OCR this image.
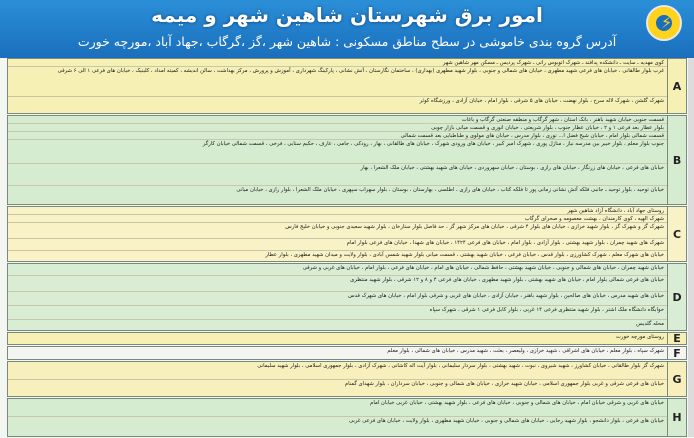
⚡
امور برق شهرستان شاهین شهر و میمه
آدرس گروه بندی خاموشی در سطح مناطق مسکونی : شاهین شهر ،گز ،گرگاب ،جهاد آباد ،مورچه خورت
A
کوی مهدیه ـ سایت ـ دانشکده پدافند ـ شهرک اتوبوس رانی ـ شهرک پردیس ـ مسکن مهر شاهین شهر
غرب بلوار طالقانی ، خیابان های فرعی شهید مطهری ، خیابان های شمالی و جنوبی ، بلوار شهید مطهری (بهداری) ، ساختمان نگارستان ، آتش نشانی ، پارکینگ شهرداری ، آموزش و پرورش ، مرکز بهداشت ، سالن اندیشه ، کمیته امداد ، کلینیک ، خیابان های فرعی ۱ الی ۶ شرقی
شهرک گلشن ، شهرک لاله سرخ ، بلوار نهضت ، خیابان های ۵ شرقی ، بلوار امام ، خیابان آزادی ، ورزشگاه کوثر
B
قسمت جنوبی خیابان شهید باهنر ، بانک استان ، شهر گرگاب و منطقه صنعتی گرگاب و باغات
بلوار عطار بعد فرعی ۱ و ۲ ، خیابان عطار جنوب ، بلوار شریعتی ، خیابان انوری و قسمت میانی بازار چوبی
قسمت شمالی بلوار امام ، خیابان شیخ فضل ا... نوری ، بلوار مدرس ، خیابان های مولوی و طباطبایی بعد قسمت شمالی
جنوب بلوار معلم ، بلوار خیبر بین مدرسه نیاز ، منازل پوری ، شهرک امیر کبیر ، خیابان های ورودی شهرک ، خیابان های طالقانی ، بهار ، رودکی ، جامی ، عارف ، حکیم سنایی ، فرخی ، قسمت شمالی خیابان کارگر
خیابان های فرعی ، خیابان های زرنگار ، خیابان های رازی ، بوستان ، خیابان سهروردی ، خیابان های شهید بهشتی ، خیابان ملک الشعرا ، بهار
خیابان توحید ، بلوار توحید ـ جانبی فلکه آتش نشانی زمانی پور تا فلکه کتاب ، خیابان های رازی ، اطلسی ، بهارستان ، بوستان ، بلوار سهراب سپهری ، خیابان ملک الشعرا ، بلوار رازی ، خیابان میانی
C
روستای جهاد آباد ، دانشگاه آزاد شاهین شهر
شهرک الهیه ، کوی کارمندان ، بهشت معصومه و صحرای گرگاب
شهرک گز و شهرک گز ، بلوار شهید خرازی ، خیابان های بلوار ۴ شرقی ، خیابان های مرکز شهر گز ، حد فاصل بلوار ستارخان ، بلوار شهید سعیدی جنوبی و خیابان خلیج فارس
شهرک های شهید چمران ، بلوار شهید بهشتی ، بلوار آزادی ، بلوار امام ، خیابان های فرعی ۱۴۲۴ ، خیابان های شهدا ، خیابان های فرعی بلوار امام
خیابان های شهرک معلم ، شهرک کشاورزی ، بلوار قدس ، خیابان فرعی ، خیابان شهید بهشتی ، قسمت میانی بلوار شهید شمس آبادی ، بلوار ولایت و میدان شهید مطهری ، بلوار عطار
D
خیابان شهید چمران ، خیابان های شمالی و جنوبی ، خیابان شهید بهشتی ، حافظ شمالی ، خیابان های امام ، خیابان های فرعی ، بلوار امام ، خیابان های غربی و شرقی
خیابان های فرعی شمالی بلوار امام ، خیابان های شهید بهشتی ، بلوار شهید مطهری ، خیابان های فرعی ۴ و ۸ و ۱۲ شرقی ، بلوار شهید منتظری
خیابان های شهید مدرس ، خیابان های صالحین ، بلوار شهید باهنر ، خیابان آزادی ، خیابان های غربی و شرقی بلوار امام ، خیابان های شهرک قدس
خوابگاه دانشگاه ملک اشتر ، بلوار شهید منتظری فرعی ۱۴ غربی ، بلوار کابل فرعی ۱ شرقی ، شهرک سپاه
محله گلدیس
E
روستای مورچه خورت
F
شهرک سپاه ، بلوار معلم ، خیابان های اشراقی ، شهید خرازی ، ولیعصر ، بعثت ، شهید مدرس ، خیابان های شمالی ، بلوار معلم
G
شهرک گز بلوار طالقانی ، خیابان کشاورز ، شهید شیروی ، نبوت ، شهید بهشتی ، بلوار سردار سلیمانی ، بلوار آیت اله کاشانی ، شهرک آزادی ، بلوار جمهوری اسلامی ، بلوار شهید سلیمانی
خیابان های فرعی شرقی و غربی بلوار جمهوری اسلامی ، خیابان شهید خرازی ، خیابان های شمالی و جنوبی ، خیابان سرداران ، بلوار شهدای گمنام
H
خیابان های غربی و شرقی خیابان امام ، خیابان های شمالی و جنوبی ، خیابان های فرعی ، بلوار شهید بهشتی ، خیابان غربی خیابان امام
خیابان های فرعی ، بلوار دانشجو ، بلوار شهید رجایی ، خیابان های شمالی و جنوبی ، خیابان شهید مطهری ، بلوار ولایت ، خیابان های فرعی غربی
